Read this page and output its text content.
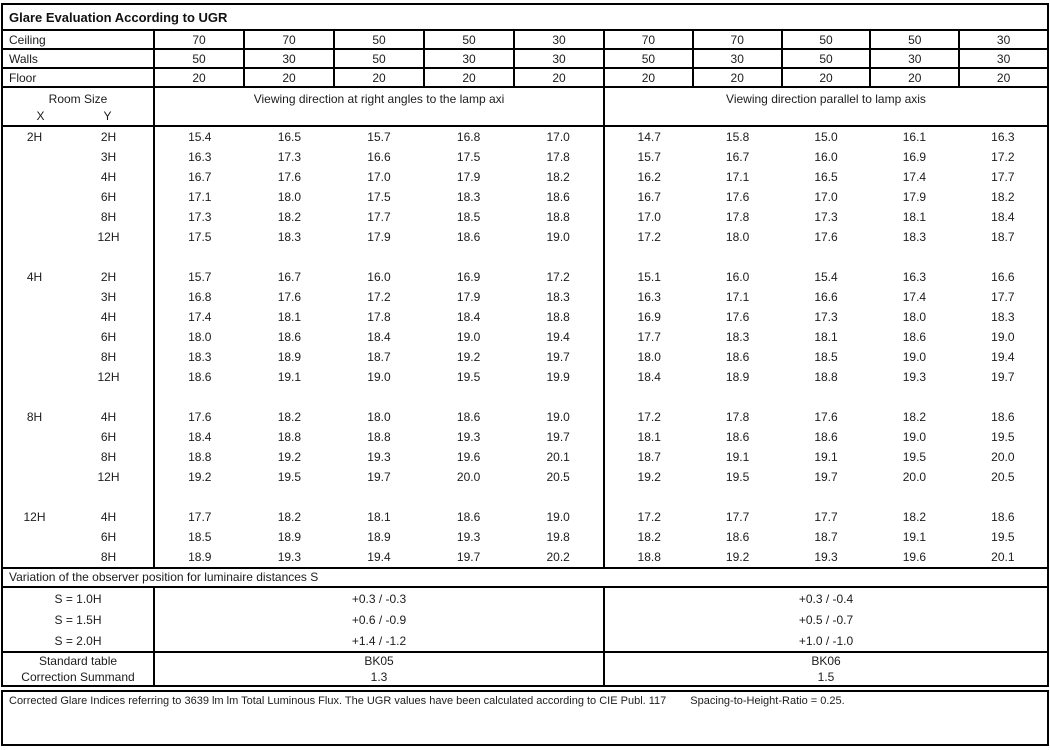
Glare Evaluation According to UGR
Ceiling	70	70	50	50	30	70	70	50	50	30
Walls	50	30	50	30	30	50	30	50	30	30
Floor	20	20	20	20	20	20	20	20	20	20
Room Size
X	Y
Viewing direction at right angles to the lamp axi	Viewing direction parallel to lamp axis
2H	2H	15.4	16.5	15.7	16.8	17.0	14.7	15.8	15.0	16.1	16.3
3H	16.3	17.3	16.6	17.5	17.8	15.7	16.7	16.0	16.9	17.2
4H	16.7	17.6	17.0	17.9	18.2	16.2	17.1	16.5	17.4	17.7
6H	17.1	18.0	17.5	18.3	18.6	16.7	17.6	17.0	17.9	18.2
8H	17.3	18.2	17.7	18.5	18.8	17.0	17.8	17.3	18.1	18.4
12H	17.5	18.3	17.9	18.6	19.0	17.2	18.0	17.6	18.3	18.7
4H	2H	15.7	16.7	16.0	16.9	17.2	15.1	16.0	15.4	16.3	16.6
3H	16.8	17.6	17.2	17.9	18.3	16.3	17.1	16.6	17.4	17.7
4H	17.4	18.1	17.8	18.4	18.8	16.9	17.6	17.3	18.0	18.3
6H	18.0	18.6	18.4	19.0	19.4	17.7	18.3	18.1	18.6	19.0
8H	18.3	18.9	18.7	19.2	19.7	18.0	18.6	18.5	19.0	19.4
12H	18.6	19.1	19.0	19.5	19.9	18.4	18.9	18.8	19.3	19.7
8H	4H	17.6	18.2	18.0	18.6	19.0	17.2	17.8	17.6	18.2	18.6
6H	18.4	18.8	18.8	19.3	19.7	18.1	18.6	18.6	19.0	19.5
8H	18.8	19.2	19.3	19.6	20.1	18.7	19.1	19.1	19.5	20.0
12H	19.2	19.5	19.7	20.0	20.5	19.2	19.5	19.7	20.0	20.5
12H	4H	17.7	18.2	18.1	18.6	19.0	17.2	17.7	17.7	18.2	18.6
6H	18.5	18.9	18.9	19.3	19.8	18.2	18.6	18.7	19.1	19.5
8H	18.9	19.3	19.4	19.7	20.2	18.8	19.2	19.3	19.6	20.1
Variation of the observer position for luminaire distances S
S = 1.0H	+0.3 / -0.3	+0.3 / -0.4
S = 1.5H	+0.6 / -0.9	+0.5 / -0.7
S = 2.0H	+1.4 / -1.2	+1.0 / -1.0
Standard table	BK05	BK06
Correction Summand	1.3	1.5
Corrected Glare Indices referring to 3639 lm lm Total Luminous Flux. The UGR values have been calculated according to CIE Publ. 117 Spacing-to-Height-Ratio = 0.25.
